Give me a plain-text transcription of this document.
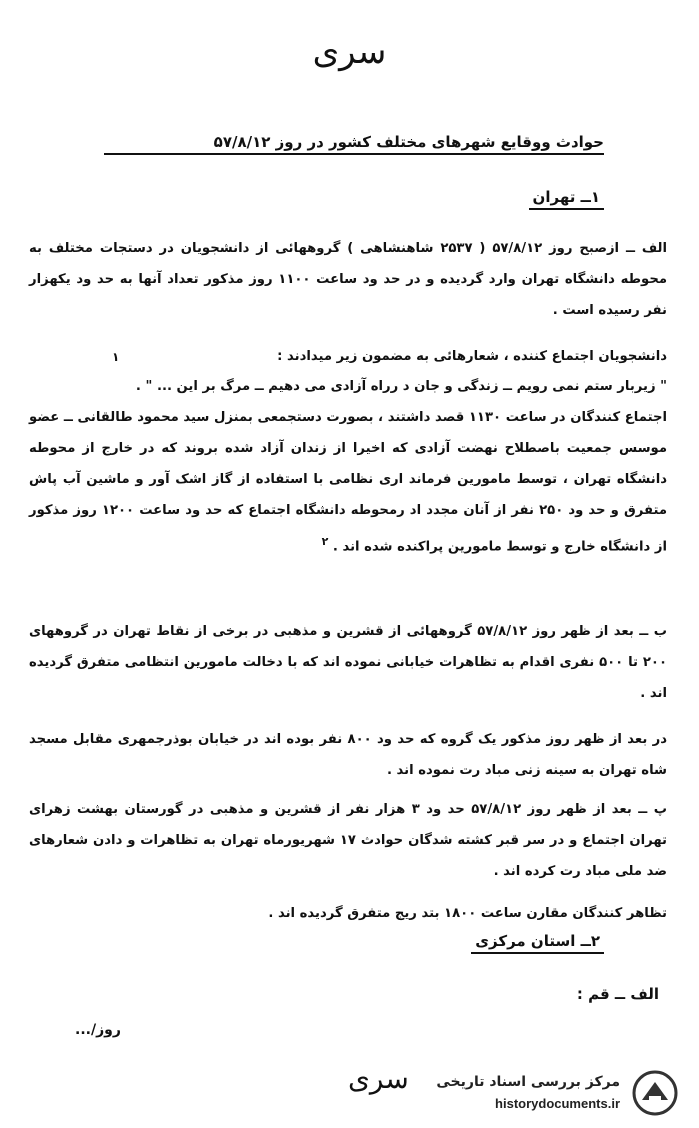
سری
حوادث ووقایع شهرهای مختلف کشور در روز ۵۷/۸/۱۲
۱ــ تهران
الف ــ ازصبح روز ۵۷/۸/۱۲ ( ۲۵۳۷ شاهنشاهی ) گروههائی از دانشجویان در دستجات مختلف به محوطه دانشگاه تهران وارد گردیده و در حد ود ساعت ۱۱۰۰ روز مذکور تعداد آنها به حد ود یکهزار نفر رسیده است .
دانشجویان اجتماع کننده ، شعارهائی به مضمون زیر میدادند :
۱
" زیربار ستم نمی رویم ــ زندگی و جان د رراه آزادی می دهیم ــ مرگ بر این ... " .
اجتماع کنندگان در ساعت ۱۱۳۰ قصد داشتند ، بصورت دستجمعی بمنزل سید محمود طالقانی ــ عضو موسس جمعیت باصطلاح نهضت آزادی که اخیرا از زندان آزاد شده بروند که در خارج از محوطه دانشگاه تهران ، توسط مامورین فرماند اری نظامی با استفاده از گاز اشک آور و ماشین آب پاش متفرق و حد ود ۲۵۰ نفر از آنان مجدد اد رمحوطه دانشگاه اجتماع که حد ود ساعت ۱۲۰۰ روز مذکور از دانشگاه خارج و توسط مامورین پراکنده شده اند . $^۲$
ب ــ بعد از ظهر روز ۵۷/۸/۱۲ گروههائی از قشرین و مذهبی در برخی از نقاط تهران در گروههای ۲۰۰ تا ۵۰۰ نفری اقدام به تظاهرات خیابانی نموده اند که با دخالت مامورین انتظامی متفرق گردیده اند .
در بعد از ظهر روز مذکور یک گروه که حد ود ۸۰۰ نفر بوده اند در خیابان بوذرجمهری مقابل مسجد شاه تهران به سینه زنی مباد رت نموده اند .
پ ــ بعد از ظهر روز ۵۷/۸/۱۲ حد ود ۳ هزار نفر از قشرین و مذهبی در گورستان بهشت زهرای تهران اجتماع و در سر قبر کشته شدگان حوادث ۱۷ شهریورماه تهران به تظاهرات و دادن شعارهای ضد ملی مباد رت کرده اند .
تظاهر کنندگان مقارن ساعت ۱۸۰۰ بتد ریج متفرق گردیده اند .
۲ــ استان مرکزی
الف ــ قم :
روز/...
سری مرکز بررسی اسناد تاریخی
historydocuments.ir
